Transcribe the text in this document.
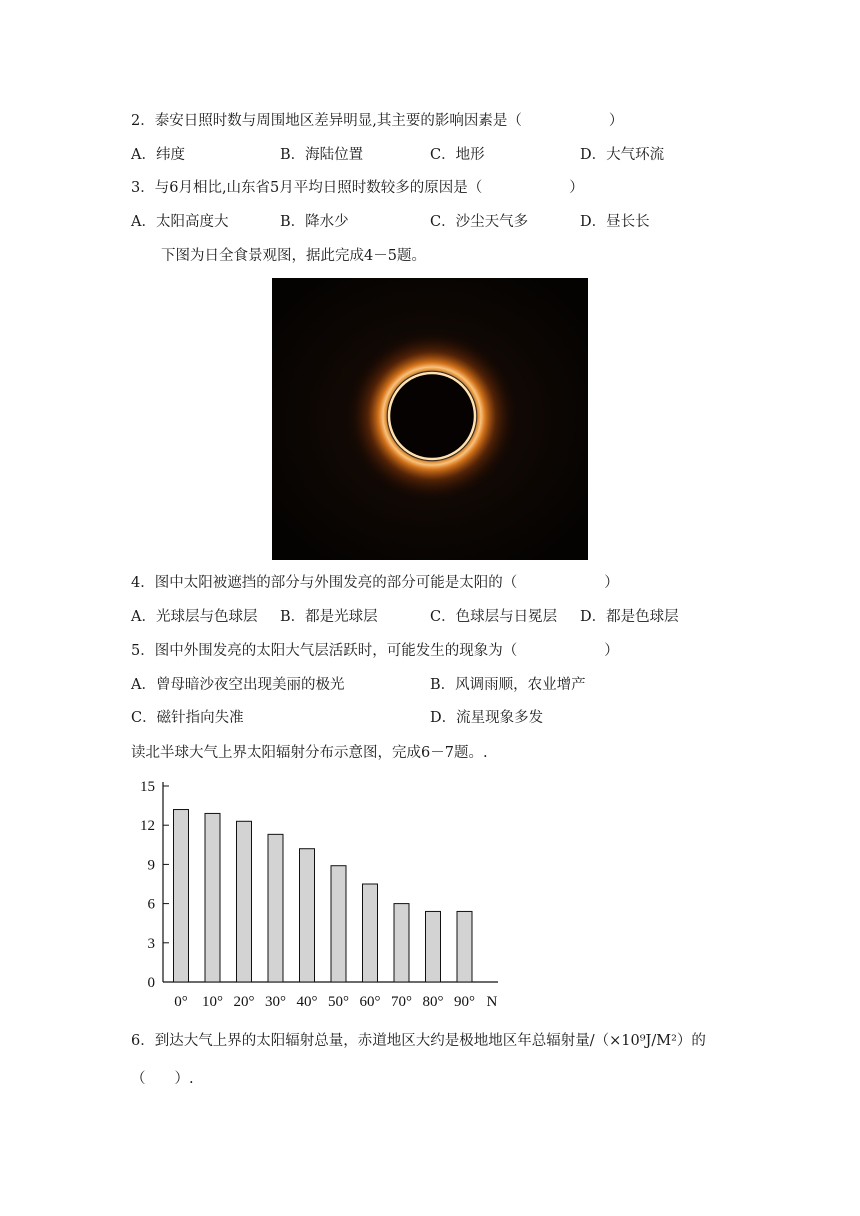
2．泰安日照时数与周围地区差异明显,其主要的影响因素是（　　　　　　）
A．纬度	B．海陆位置	C．地形	D．大气环流
3．与6月相比,山东省5月平均日照时数较多的原因是（　　　　　　）
A．太阳高度大	B．降水少	C．沙尘天气多	D．昼长长
下图为日全食景观图，据此完成4－5题。
4．图中太阳被遮挡的部分与外围发亮的部分可能是太阳的（　　　　　　）
A．光球层与色球层 B．都是光球层	C．色球层与日冕层 D．都是色球层
5．图中外围发亮的太阳大气层活跃时，可能发生的现象为（　　　　　　）
A．曾母暗沙夜空出现美丽的极光	B．风调雨顺，农业增产
C．磁针指向失准	D．流星现象多发
读北半球大气上界太阳辐射分布示意图，完成6－7题。.
0
3
6
9
12
15
0° 10° 20° 30° 40° 50° 60° 70° 80° 90° N
6．到达大气上界的太阳辐射总量，赤道地区大约是极地地区年总辐射量/（×10⁹J/M²）的
（　　）.
